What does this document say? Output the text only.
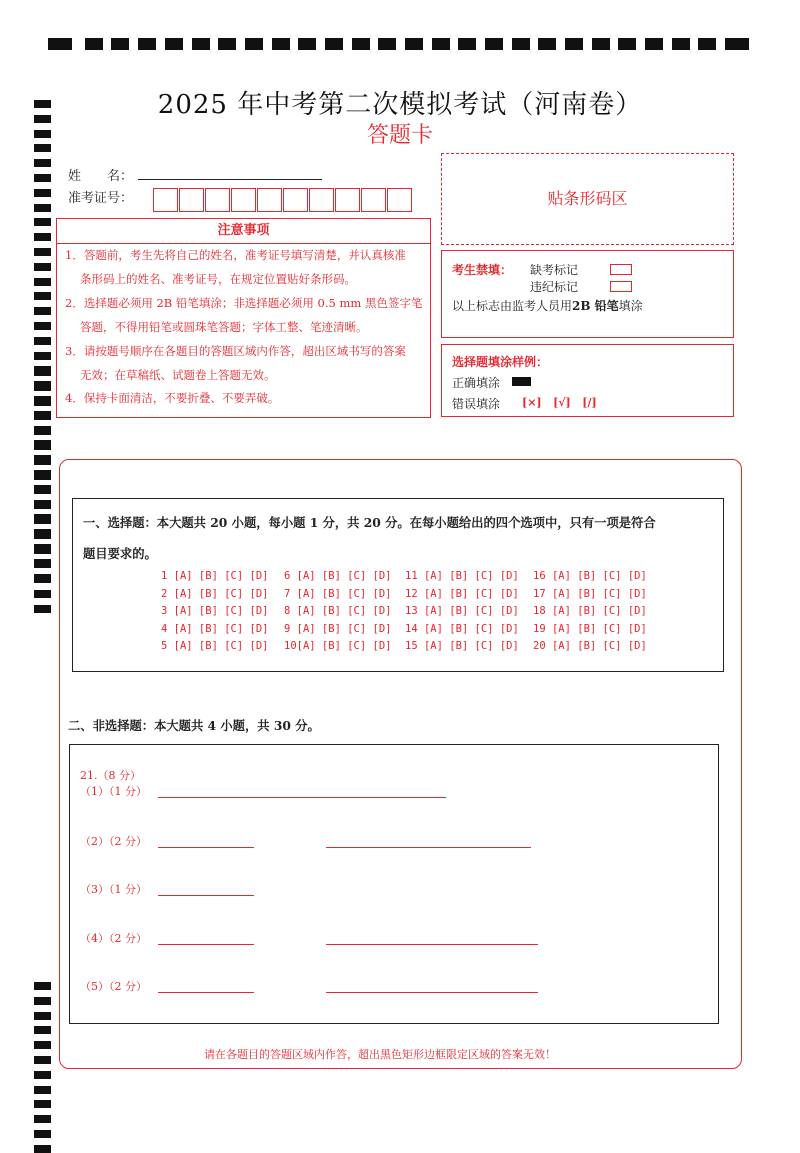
2025 年中考第二次模拟考试（河南卷）
答题卡
姓　　名：
准考证号：	贴条形码区
注意事项
1．答题前，考生先将自己的姓名，准考证号填写清楚，并认真核准
条形码上的姓名、准考证号，在规定位置贴好条形码。
2．选择题必须用 2B 铅笔填涂；非选择题必须用 0.5 mm 黑色签字笔
答题，不得用铅笔或圆珠笔答题；字体工整、笔迹清晰。
3．请按题号顺序在各题目的答题区域内作答，超出区域书写的答案
无效；在草稿纸、试题卷上答题无效。
4．保持卡面清洁，不要折叠、不要弄破。
考生禁填： 缺考标记
违纪标记
以上标志由监考人员用2B 铅笔填涂
选择题填涂样例：
正确填涂
错误填涂 [×]   [√]   [/]
一、选择题：本大题共 20 小题，每小题 1 分，共 20 分。在每小题给出的四个选项中，只有一项是符合
题目要求的。
1 [A] [B] [C] [D]
2 [A] [B] [C] [D]
3 [A] [B] [C] [D]
4 [A] [B] [C] [D]
5 [A] [B] [C] [D]
6 [A] [B] [C] [D]
7 [A] [B] [C] [D]
8 [A] [B] [C] [D]
9 [A] [B] [C] [D]
10[A] [B] [C] [D]
11 [A] [B] [C] [D]
12 [A] [B] [C] [D]
13 [A] [B] [C] [D]
14 [A] [B] [C] [D]
15 [A] [B] [C] [D]
16 [A] [B] [C] [D]
17 [A] [B] [C] [D]
18 [A] [B] [C] [D]
19 [A] [B] [C] [D]
20 [A] [B] [C] [D]
二、非选择题：本大题共 4 小题，共 30 分。
21.（8 分）
（1）（1 分）
（2）（2 分）
（3）（1 分）
（4）（2 分）
（5）（2 分）
请在各题目的答题区域内作答，超出黑色矩形边框限定区域的答案无效！
